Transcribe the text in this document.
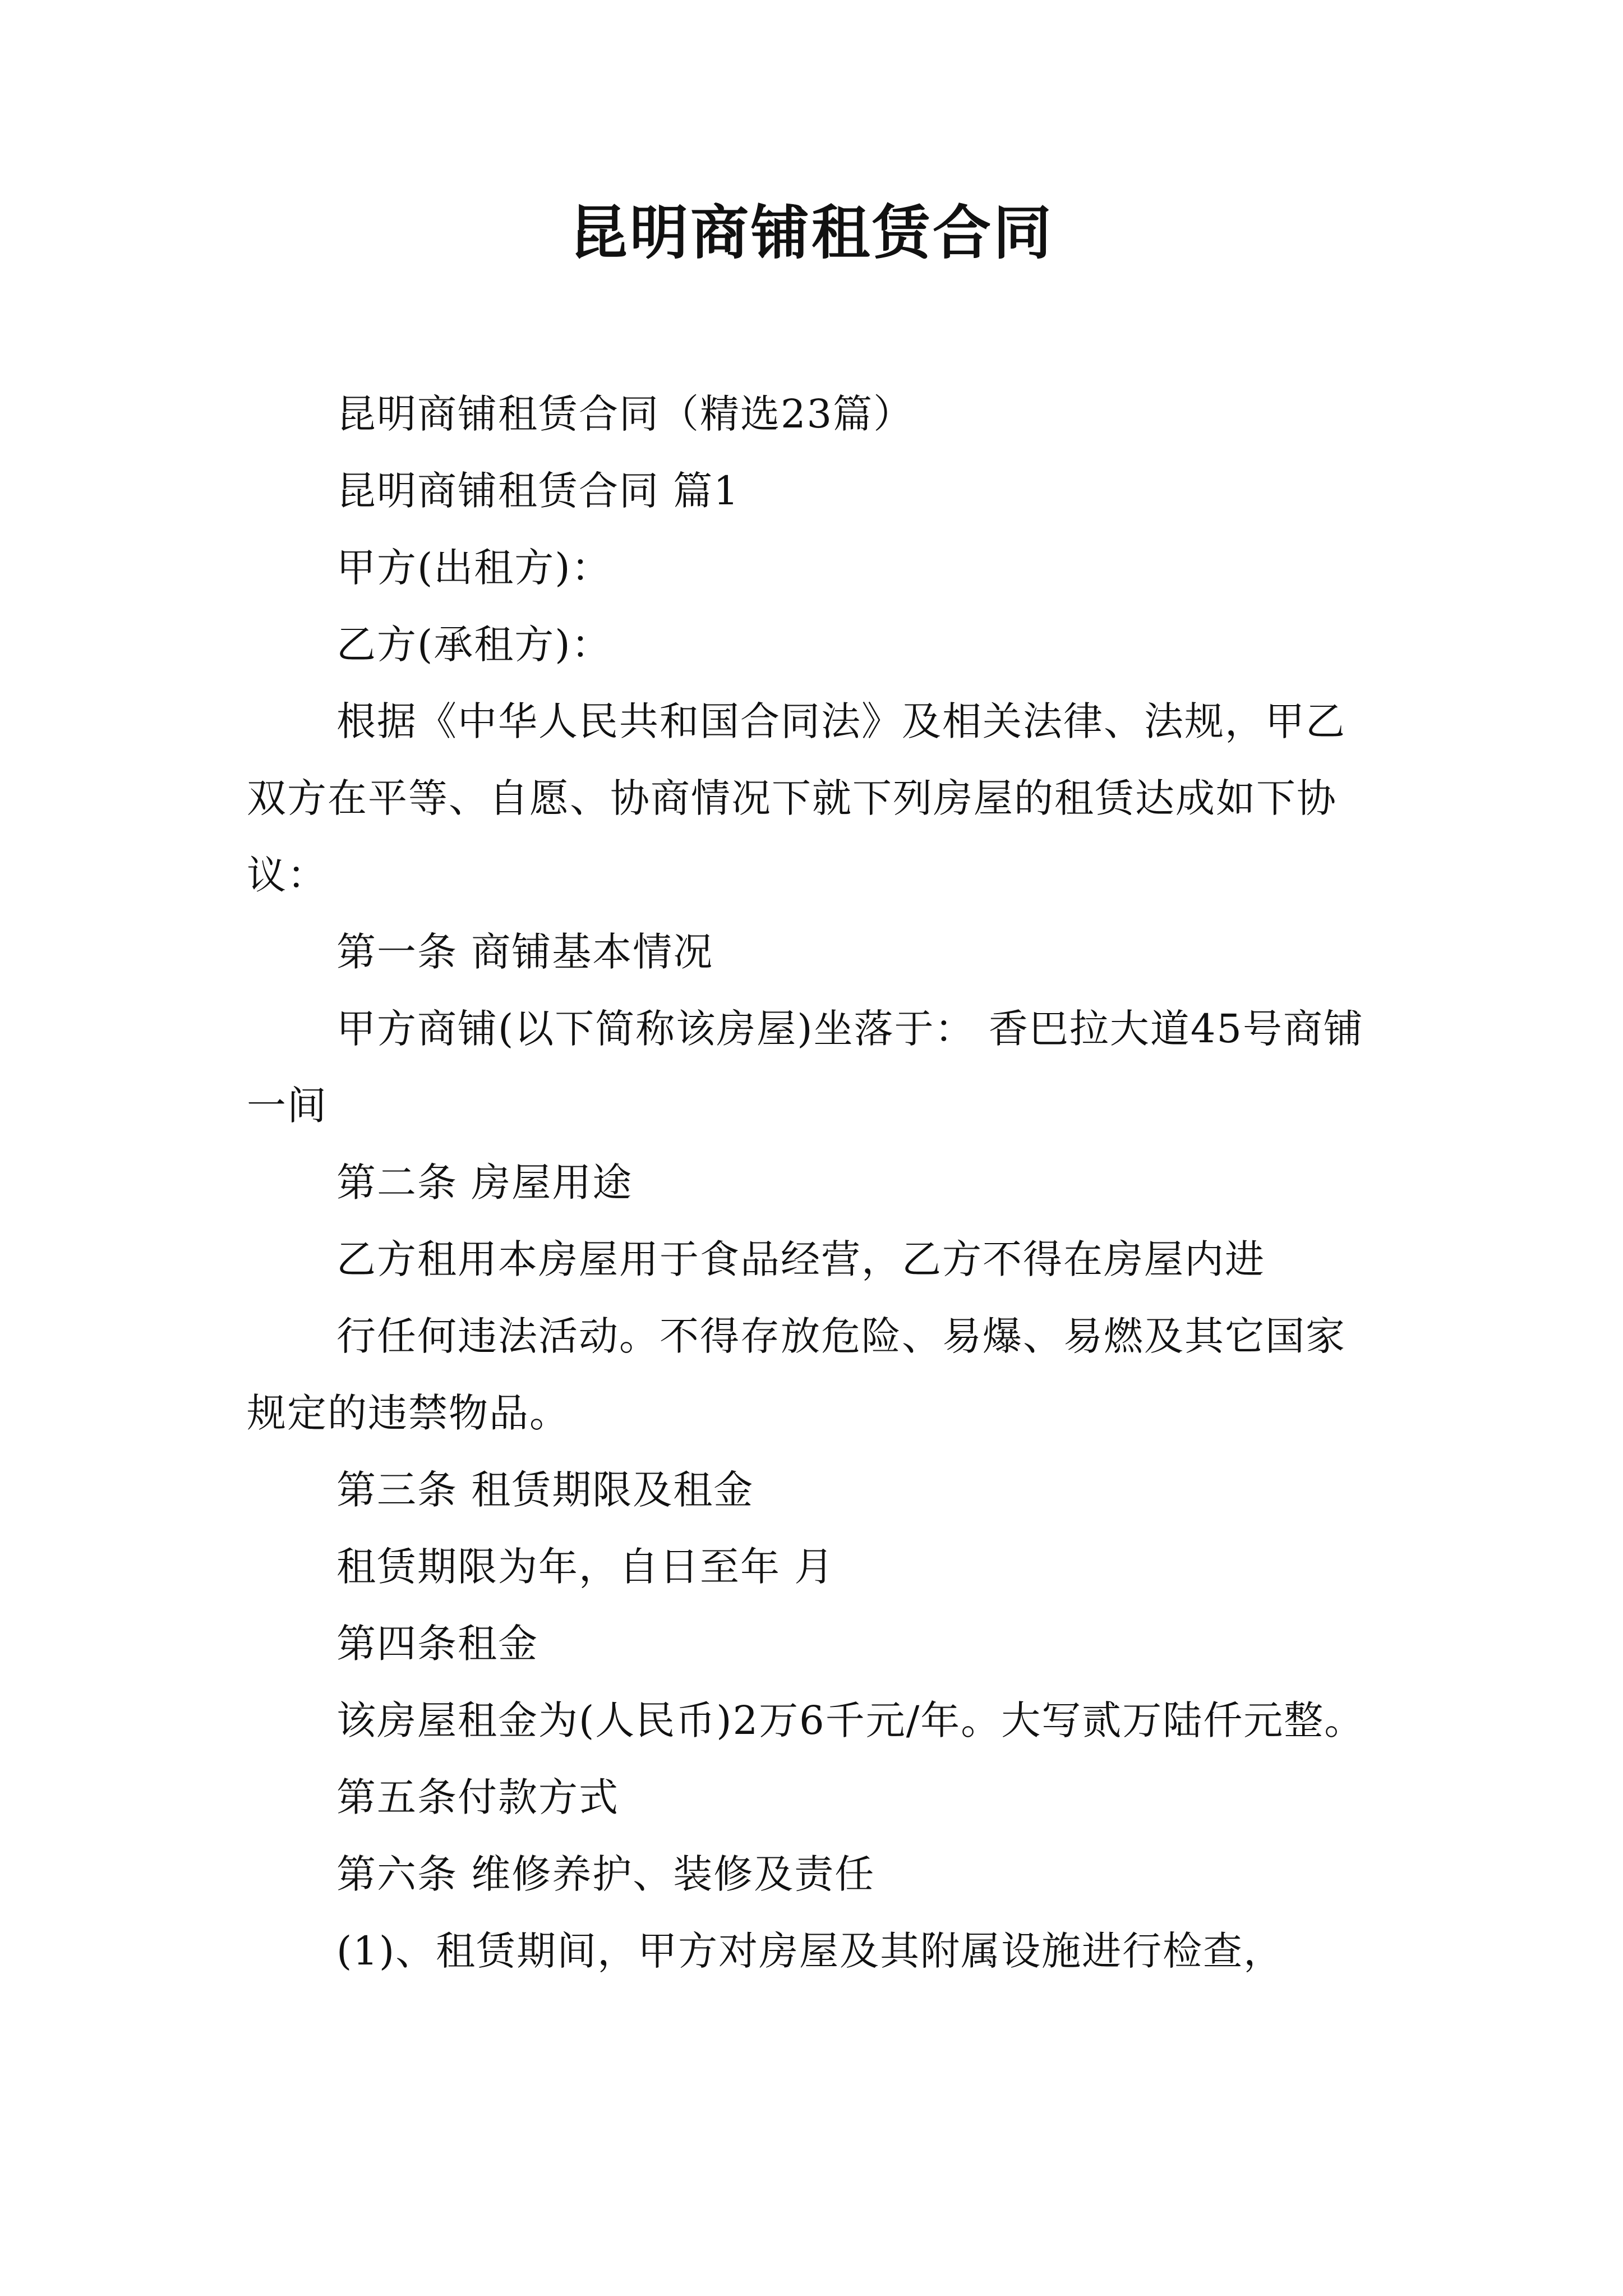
昆明商铺租赁合同

昆明商铺租赁合同（精选23篇）

昆明商铺租赁合同 篇1

甲方(出租方)：

乙方(承租方)：

根据《中华人民共和国合同法》及相关法律、法规，甲乙双方在平等、自愿、协商情况下就下列房屋的租赁达成如下协议：

第一条 商铺基本情况

甲方商铺(以下简称该房屋)坐落于： 香巴拉大道45号商铺一间

第二条 房屋用途

乙方租用本房屋用于食品经营，乙方不得在房屋内进

行任何违法活动。不得存放危险、易爆、易燃及其它国家规定的违禁物品。

第三条 租赁期限及租金

租赁期限为年，自日至年 月

第四条租金

该房屋租金为(人民币)2万6千元/年。大写贰万陆仟元整。

第五条付款方式

第六条 维修养护、装修及责任

(1)、租赁期间，甲方对房屋及其附属设施进行检查，
